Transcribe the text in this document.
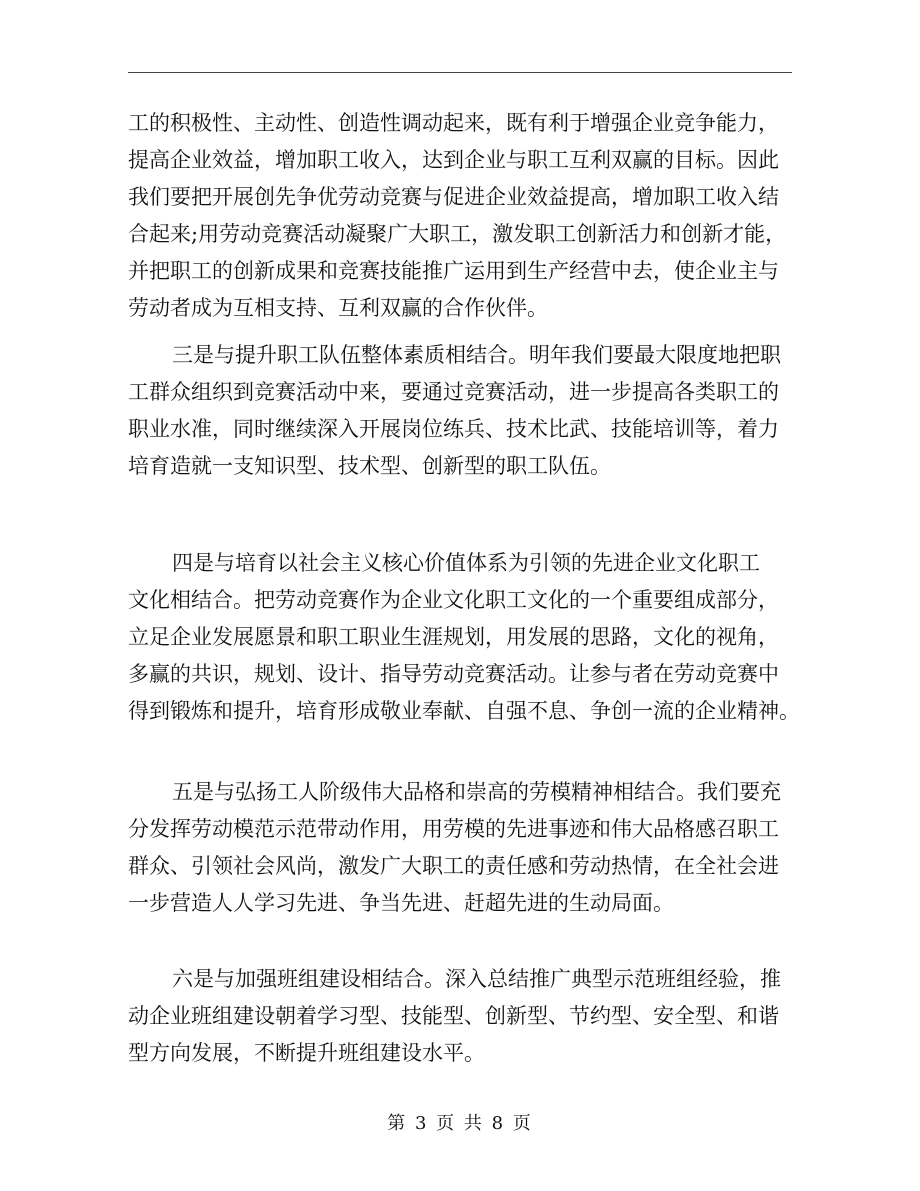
工的积极性、主动性、创造性调动起来，既有利于增强企业竞争能力，
提高企业效益，增加职工收入，达到企业与职工互利双赢的目标。因此
我们要把开展创先争优劳动竞赛与促进企业效益提高，增加职工收入结
合起来;用劳动竞赛活动凝聚广大职工，激发职工创新活力和创新才能，
并把职工的创新成果和竞赛技能推广运用到生产经营中去，使企业主与
劳动者成为互相支持、互利双赢的合作伙伴。
三是与提升职工队伍整体素质相结合。明年我们要最大限度地把职
工群众组织到竞赛活动中来，要通过竞赛活动，进一步提高各类职工的
职业水准，同时继续深入开展岗位练兵、技术比武、技能培训等，着力
培育造就一支知识型、技术型、创新型的职工队伍。
四是与培育以社会主义核心价值体系为引领的先进企业文化职工
文化相结合。把劳动竞赛作为企业文化职工文化的一个重要组成部分，
立足企业发展愿景和职工职业生涯规划，用发展的思路，文化的视角，
多赢的共识，规划、设计、指导劳动竞赛活动。让参与者在劳动竞赛中
得到锻炼和提升，培育形成敬业奉献、自强不息、争创一流的企业精神。
五是与弘扬工人阶级伟大品格和崇高的劳模精神相结合。我们要充
分发挥劳动模范示范带动作用，用劳模的先进事迹和伟大品格感召职工
群众、引领社会风尚，激发广大职工的责任感和劳动热情，在全社会进
一步营造人人学习先进、争当先进、赶超先进的生动局面。
六是与加强班组建设相结合。深入总结推广典型示范班组经验，推
动企业班组建设朝着学习型、技能型、创新型、节约型、安全型、和谐
型方向发展，不断提升班组建设水平。
第 3 页 共 8 页
